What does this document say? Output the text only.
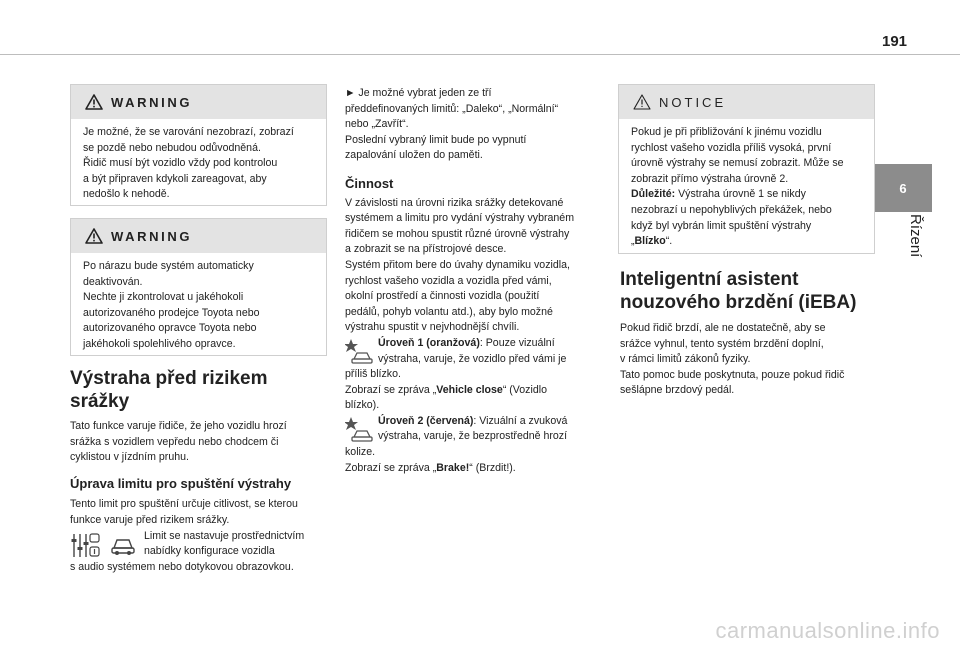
191
6
Řízení
WARNING

Je možné, že se varování nezobrazí, zobrazí

se pozdě nebo nebudou odůvodněná.

Řidič musí být vozidlo vždy pod kontrolou

a být připraven kdykoli zareagovat, aby

nedošlo k nehodě.

WARNING

Po nárazu bude systém automaticky

deaktivován.

Nechte ji zkontrolovat u jakéhokoli

autorizovaného prodejce Toyota nebo

autorizovaného opravce Toyota nebo

jakéhokoli spolehlivého opravce.

Výstraha před rizikem
srážky

Tato funkce varuje řidiče, že jeho vozidlu hrozí

srážka s vozidlem vepředu nebo chodcem či

cyklistou v jízdním pruhu.

Úprava limitu pro spuštění výstrahy

Tento limit pro spuštění určuje citlivost, se kterou

funkce varuje před rizikem srážky.

Limit se nastavuje prostřednictvím

nabídky konfigurace vozidla

s audio systémem nebo dotykovou obrazovkou.

► Je možné vybrat jeden ze tří

předdefinovaných limitů: „Daleko“, „Normální“

nebo „Zavřít“.

Poslední vybraný limit bude po vypnutí

zapalování uložen do paměti.

Činnost

V závislosti na úrovni rizika srážky detekované

systémem a limitu pro vydání výstrahy vybraném

řidičem se mohou spustit různé úrovně výstrahy

a zobrazit se na přístrojové desce.

Systém přitom bere do úvahy dynamiku vozidla,

rychlost vašeho vozidla a vozidla před vámi,

okolní prostředí a činnosti vozidla (použití

pedálů, pohyb volantu atd.), aby bylo možné

výstrahu spustit v nejvhodnější chvíli.

Úroveň 1 (oranžová): Pouze vizuální

výstraha, varuje, že vozidlo před vámi je

příliš blízko.

Zobrazí se zpráva „Vehicle close“ (Vozidlo

blízko).

Úroveň 2 (červená): Vizuální a zvuková

výstraha, varuje, že bezprostředně hrozí

kolize.

Zobrazí se zpráva „Brake!“ (Brzdit!).

NOTICE

Pokud je při přibližování k jinému vozidlu

rychlost vašeho vozidla příliš vysoká, první

úrovně výstrahy se nemusí zobrazit. Může se

zobrazit přímo výstraha úrovně 2.

Důležité: Výstraha úrovně 1 se nikdy

nezobrazí u nepohyblivých překážek, nebo

když byl vybrán limit spuštění výstrahy

„Blízko“.

Inteligentní asistent
nouzového brzdění (iEBA)

Pokud řidič brzdí, ale ne dostatečně, aby se

srážce vyhnul, tento systém brzdění doplní,

v rámci limitů zákonů fyziky.

Tato pomoc bude poskytnuta, pouze pokud řidič

sešlápne brzdový pedál.

carmanualsonline.info
